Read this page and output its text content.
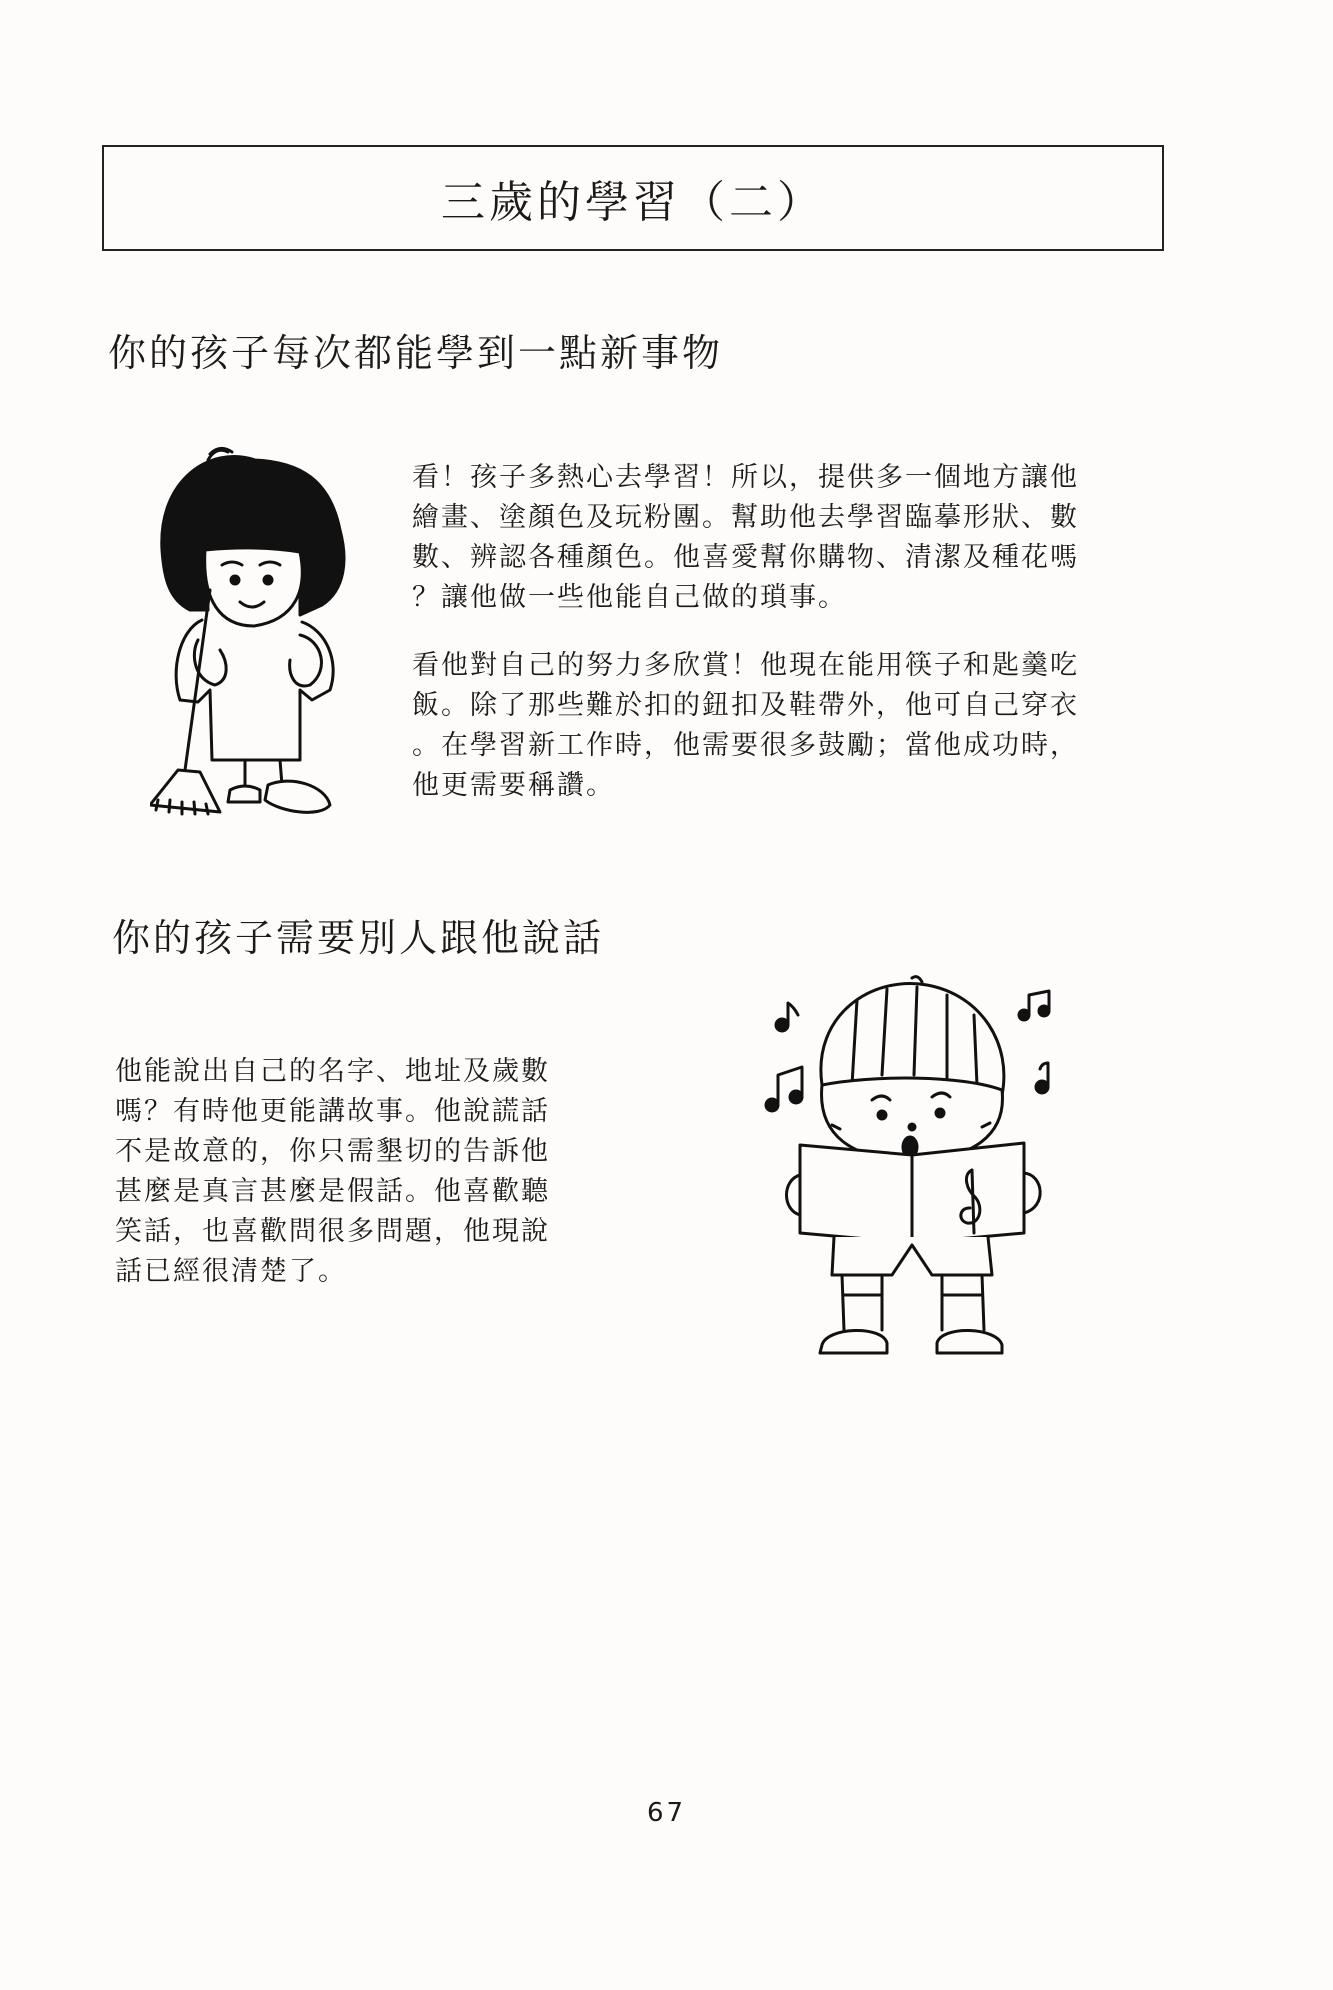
三歲的學習（二）
你的孩子每次都能學到一點新事物

看！孩子多熱心去學習！所以，提供多一個地方讓他
繪畫、塗顏色及玩粉團。幫助他去學習臨摹形狀、數
數、辨認各種顏色。他喜愛幫你購物、清潔及種花嗎
？讓他做一些他能自己做的瑣事。

看他對自己的努力多欣賞！他現在能用筷子和匙羹吃
飯。除了那些難於扣的鈕扣及鞋帶外，他可自己穿衣
。在學習新工作時，他需要很多鼓勵；當他成功時，
他更需要稱讚。

你的孩子需要別人跟他說話

他能說出自己的名字、地址及歲數
嗎？有時他更能講故事。他說謊話
不是故意的，你只需墾切的告訴他
甚麼是真言甚麼是假話。他喜歡聽
笑話，也喜歡問很多問題，他現說
話已經很清楚了。

67
